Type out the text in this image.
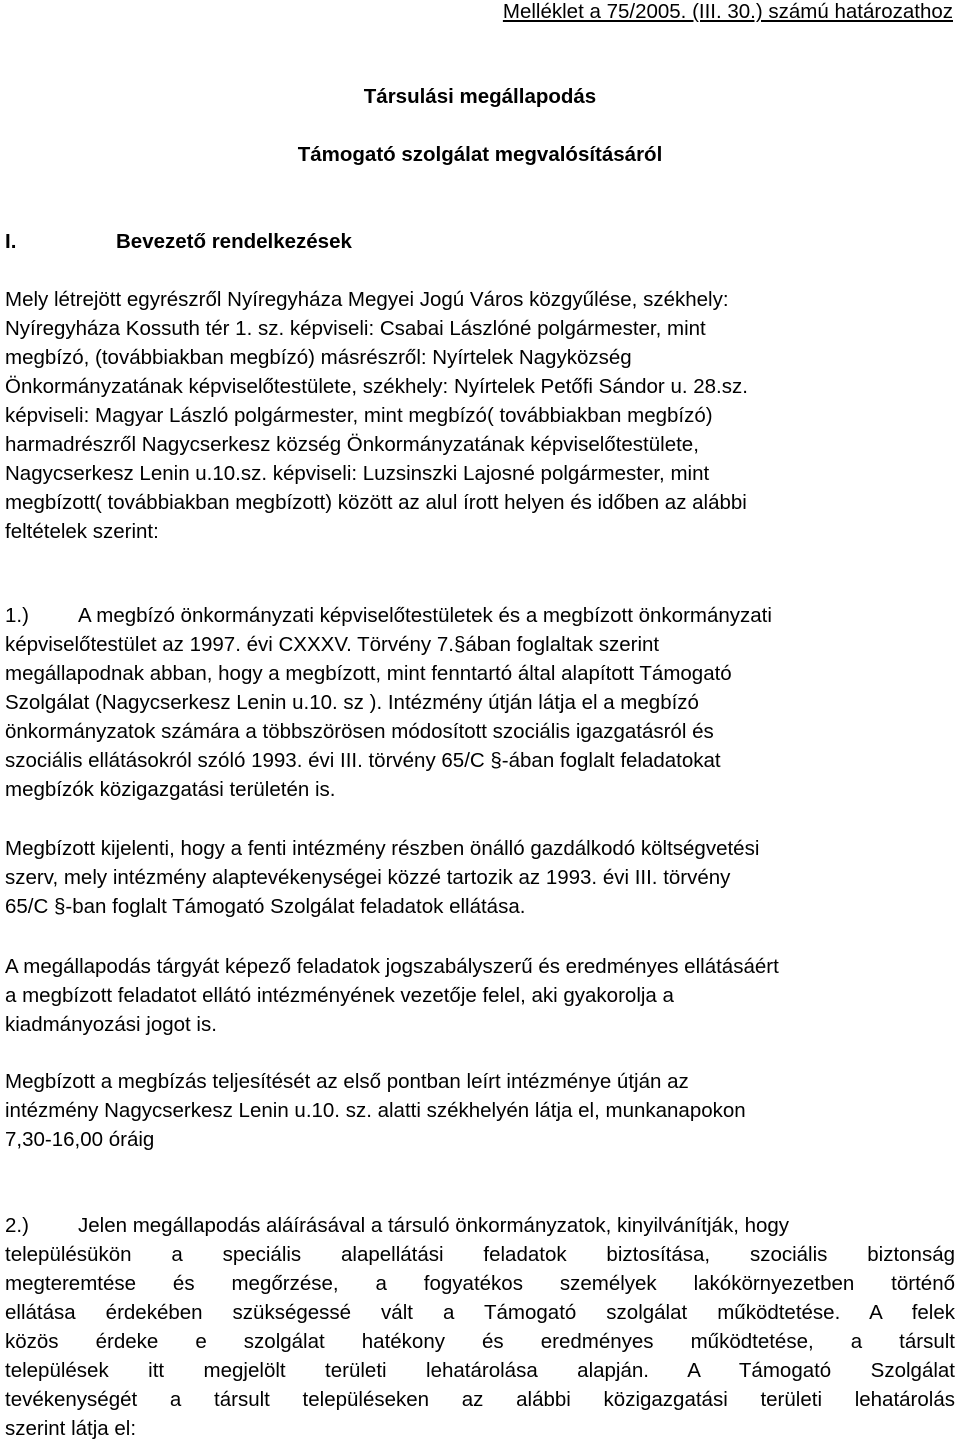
Melléklet a 75/2005. (III. 30.) számú határozathoz

Társulási megállapodás

Támogató szolgálat megvalósításáról

I.	Bevezető rendelkezések

Mely létrejött egyrészről Nyíregyháza Megyei Jogú Város közgyűlése, székhely:

Nyíregyháza Kossuth tér 1. sz. képviseli: Csabai Lászlóné polgármester, mint

megbízó, (továbbiakban megbízó) másrészről: Nyírtelek Nagyközség

Önkormányzatának képviselőtestülete, székhely: Nyírtelek Petőfi Sándor u. 28.sz.

képviseli: Magyar László polgármester, mint megbízó( továbbiakban megbízó)

harmadrészről Nagycserkesz község Önkormányzatának képviselőtestülete,

Nagycserkesz Lenin u.10.sz. képviseli: Luzsinszki Lajosné polgármester, mint

megbízott( továbbiakban megbízott) között az alul írott helyen és időben az alábbi

feltételek szerint:

1.) A megbízó önkormányzati képviselőtestületek és a megbízott önkormányzati

képviselőtestület az 1997. évi CXXXV. Törvény 7.§ában foglaltak szerint

megállapodnak abban, hogy a megbízott, mint fenntartó által alapított Támogató

Szolgálat (Nagycserkesz Lenin u.10. sz ). Intézmény útján látja el a megbízó

önkormányzatok számára a többszörösen módosított szociális igazgatásról és

szociális ellátásokról szóló 1993. évi III. törvény 65/C §-ában foglalt feladatokat

megbízók közigazgatási területén is.

Megbízott kijelenti, hogy a fenti intézmény részben önálló gazdálkodó költségvetési

szerv, mely intézmény alaptevékenységei közzé tartozik az 1993. évi III. törvény

65/C §-ban foglalt Támogató Szolgálat feladatok ellátása.

A megállapodás tárgyát képező feladatok jogszabályszerű és eredményes ellátásáért

a megbízott feladatot ellátó intézményének vezetője felel, aki gyakorolja a

kiadmányozási jogot is.

Megbízott a megbízás teljesítését az első pontban leírt intézménye útján az

intézmény Nagycserkesz Lenin u.10. sz. alatti székhelyén látja el, munkanapokon

7,30-16,00 óráig

2.) Jelen megállapodás aláírásával a társuló önkormányzatok, kinyilvánítják, hogy

településükön a speciális alapellátási feladatok biztosítása, szociális biztonság

megteremtése és megőrzése, a fogyatékos személyek lakókörnyezetben történő

ellátása érdekében szükségessé vált a Támogató szolgálat működtetése. A felek

közös érdeke e szolgálat hatékony és eredményes működtetése, a társult

települések itt megjelölt területi lehatárolása alapján. A Támogató Szolgálat

tevékenységét a társult településeken az alábbi közigazgatási területi lehatárolás

szerint látja el:
